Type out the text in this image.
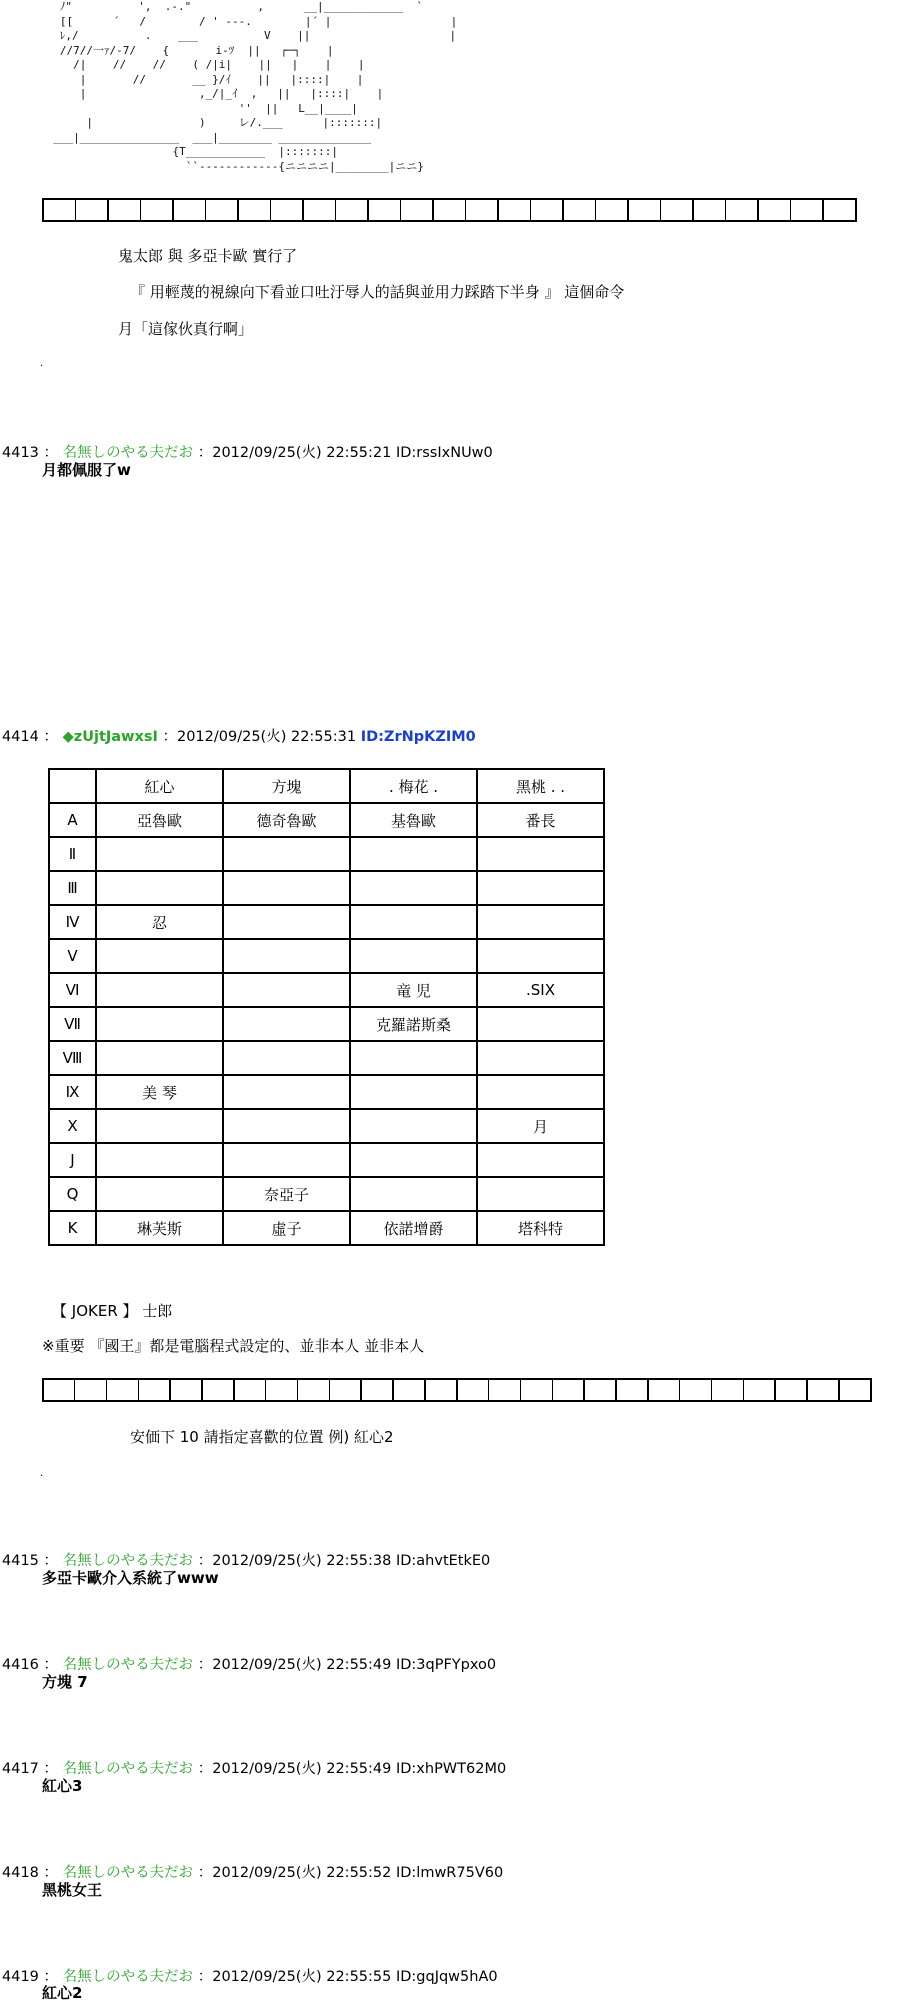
ﾉ"          ',  .-."          ,      __|____________  `
[[      ´   /        / ' ---.        |´ |                  |
ﾚ,/          .    ___          V    ||                     |
//7//一ｧ/-7/    {       i-ﾂ  ||   ┌─┐    |
/|    //    //    ( /|i|    ||   |    |    |
|       //       __ }/ｲ    ||   |::::|    |
|                 ,_/|_ｲ  ,   ||   |::::|    |
''  ||   L__|____|
|                )     レ/.___      |:::::::|
___|_______________  ___|________ ______________
{T____________  |:::::::|
``------------{ニニニニ|________|ニニ}

鬼太郎 與 多亞卡歐 實行了
『 用輕蔑的視線向下看並口吐汙辱人的話與並用力踩踏下半身 』 這個命令
月「這傢伙真行啊」
.
4413 ： 名無しのやる夫だお ：2012/09/25(火) 22:55:21 ID:rssIxNUw0
月都佩服了w
4414 ： ◆zUjtJawxsI ：2012/09/25(火) 22:55:31 ID:ZrNpKZIM0
	紅心	方塊	. 梅花 .	黑桃 . .
A	亞魯歐	德奇魯歐	基魯歐	番長
Ⅱ				
Ⅲ				
Ⅳ	忍			
Ⅴ				
Ⅵ			竜 児	.SIX
Ⅶ			克羅諾斯桑	
Ⅷ				
Ⅸ	美 琴			
Ⅹ				月
J				
Q		奈亞子		
K	琳芙斯	虛子	依諾增爵	塔科特
【 JOKER 】 士郎
※重要 『國王』都是電腦程式設定的、並非本人 並非本人
安価下 10 請指定喜歡的位置 例) 紅心2
.
4415 ： 名無しのやる夫だお ：2012/09/25(火) 22:55:38 ID:ahvtEtkE0
多亞卡歐介入系統了www
4416 ： 名無しのやる夫だお ：2012/09/25(火) 22:55:49 ID:3qPFYpxo0
方塊 7
4417 ： 名無しのやる夫だお ：2012/09/25(火) 22:55:49 ID:xhPWT62M0
紅心3
4418 ： 名無しのやる夫だお ：2012/09/25(火) 22:55:52 ID:lmwR75V60
黑桃女王
4419 ： 名無しのやる夫だお ：2012/09/25(火) 22:55:55 ID:gqJqw5hA0
紅心2
